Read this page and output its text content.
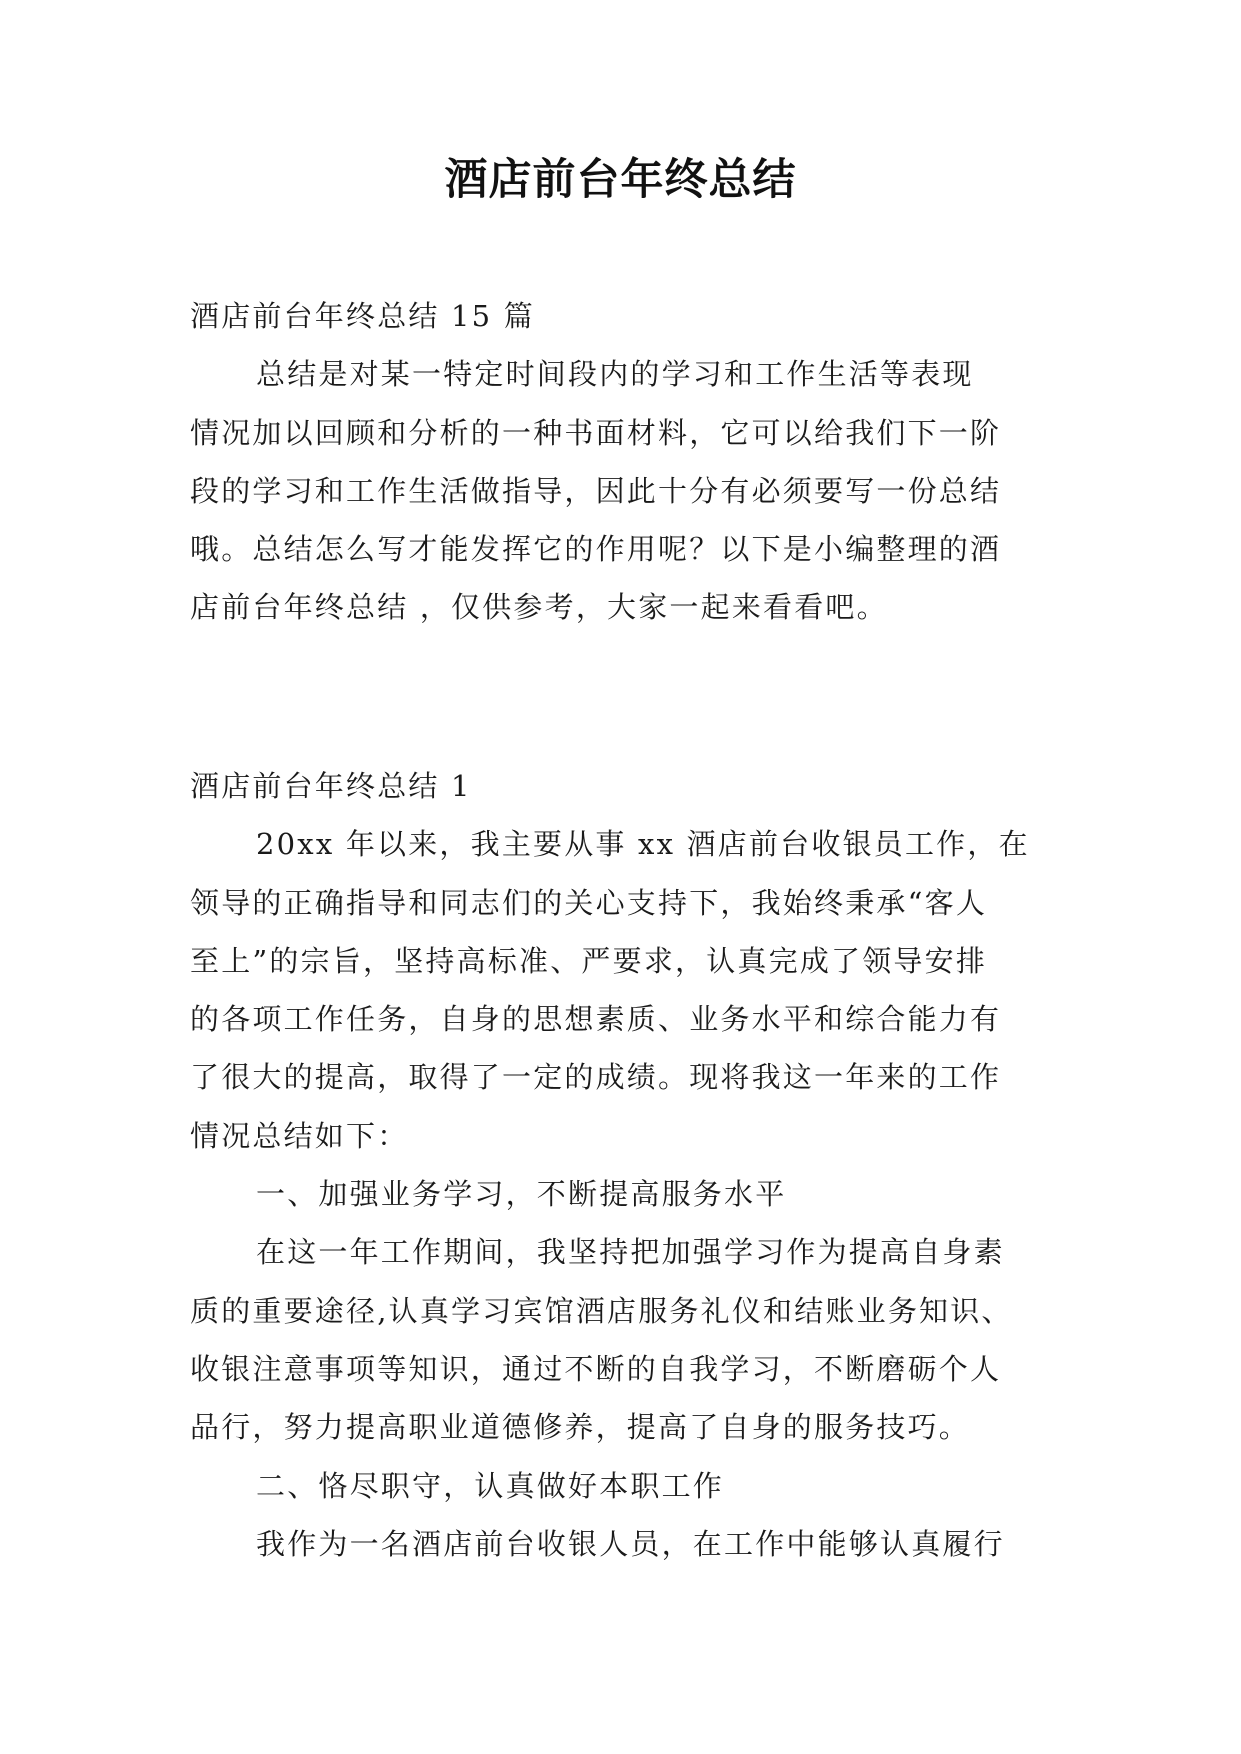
酒店前台年终总结
酒店前台年终总结 15 篇
总结是对某一特定时间段内的学习和工作生活等表现
情况加以回顾和分析的一种书面材料，它可以给我们下一阶
段的学习和工作生活做指导，因此十分有必须要写一份总结
哦。总结怎么写才能发挥它的作用呢？以下是小编整理的酒
店前台年终总结 ，仅供参考，大家一起来看看吧。
酒店前台年终总结 1
20xx 年以来，我主要从事 xx 酒店前台收银员工作，在
领导的正确指导和同志们的关心支持下，我始终秉承“客人
至上”的宗旨，坚持高标准、严要求，认真完成了领导安排
的各项工作任务，自身的思想素质、业务水平和综合能力有
了很大的提高，取得了一定的成绩。现将我这一年来的工作
情况总结如下：
一、加强业务学习，不断提高服务水平
在这一年工作期间，我坚持把加强学习作为提高自身素
质的重要途径,认真学习宾馆酒店服务礼仪和结账业务知识、
收银注意事项等知识，通过不断的自我学习，不断磨砺个人
品行，努力提高职业道德修养，提高了自身的服务技巧。
二、恪尽职守，认真做好本职工作
我作为一名酒店前台收银人员，在工作中能够认真履行
